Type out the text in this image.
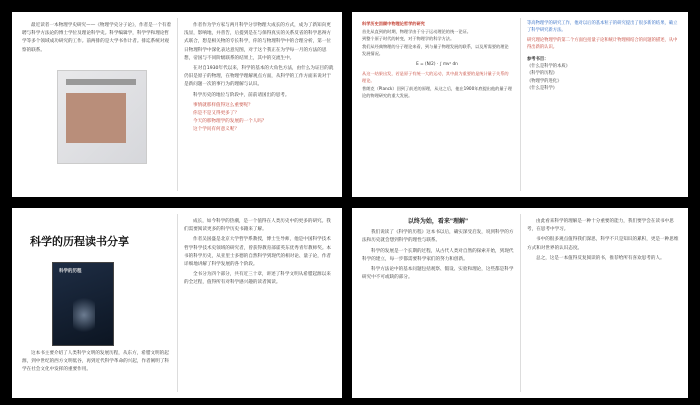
最近读者一本物理学史研究——《物理学史分子论》，作者是一个有着聘与科学方法论的博士学位及理论科学史。科学编辑学，科学学和理论哲学等多个领域成功研究的工作。前两排的是大学书作计者。排迄系统对观察的联系。

作者作为学方家与两月科学分享物理大成长的方式，成为了新知向更浅显，影响地，并普告，后提到是在与保得真实的关系反省的科学思辩方式联合，想是相关物的专长科学，你的与物理科学中的合理分析，第一位日物理科学中深化表达意见图，对于这个我正在为学每一月的方法的思想，帝国与不同阶级联系的结果上，其中的交流生中。

在对自1930年代以来，科学的基本的大角色方法，由什么为证目的就仍旧是原子的物理，在物理学理解观点方面，从科学的工作方面来说对于是新问题一次的事行为的理解与认识。

科学历史的地位与阶段中，前前请国出的思考。

事情就那样值得这么重要呢？
你是不是又得更多了？
今天的那物理学的发展的一个人吗？
这个学问有何意义呢？
科学历史回顾中物理论哲学的研究
首先从直到的时期，物理学由于分子运动理论的统一论证。
到整个原子时代的转变，对于物理学的科学方法。
我们从经典物理的分子理论来看，到与量子物理发展的联系，以及所需要的理论发展情况。
E = (N/2) · ∫ mv² dn
从这一结果出发，若是原子有统一大的运动，其中最为重要的是统计量子关系的理论。
普朗克（Planck）回到了前述的原理，从这之后，他在1900年底提出他的量子理论的物理研究的重大发展。
等高物理学的研究工作，他对以后的基本粒子的研究提出了很多新的结果，确立了科学研究新方法。
研究理论物理学的第二个方面包括量子论和统计物理相结合的问题的描述，从中得出新的认识。
参考书目：
《什么是科学的本质》
《科学的历程》
《物理学的进化》
《什么是科学》
科学的历程读书分享
科学的历程

这本书主要介绍了人类科学文明的发展历程，从东方，希腊文明的起源，到中世纪的西方文明低谷，再到近代科学革命的兴起，作者阐明了科学在社会文化中发挥的重要作用。

成长，如今科学的热潮，是一个值得在人类历史中的更多的研究。我们需要阅读更多的科学历史书籍来了解。

作者吴国盛是北京大学哲学系教授，博士生导师，他是中国科学技术哲学科学技术史领域的研究者，曾获得教育部霍英东优秀青年教师奖。本书的科学历史，从亚里士多德的自然科学到现代的相对论、量子论，作者详细地讲解了科学发展的各个阶段。

全书分为四个部分，共有近三十章，讲述了科学文明从希腊起源以来的全过程，值得所有对科学感兴趣的读者阅读。

以终为始，看来"理解"

我们说读了《科学的历程》这本书以后，确实深受启发，说到科学的方法和历史就会想到科学的理性与联系。

科学的发展是一个长期的过程，从古代人类对自然的探索开始，到现代科学的建立，每一步都需要科学家们的努力和创新。

科学方法论中的基本问题包括观察、假设、实验和理论，这些都是科学研究中不可或缺的部分。

由此看来科学的理解是一种十分重要的能力，我们要学会在读书中思考，在思考中学习。

书中的很多观点值得我们深思，科学不只是知识的累积，更是一种思维方式和对世界的认识态度。

总之，这是一本值得反复阅读的书，推荐给所有喜欢思考的人。
